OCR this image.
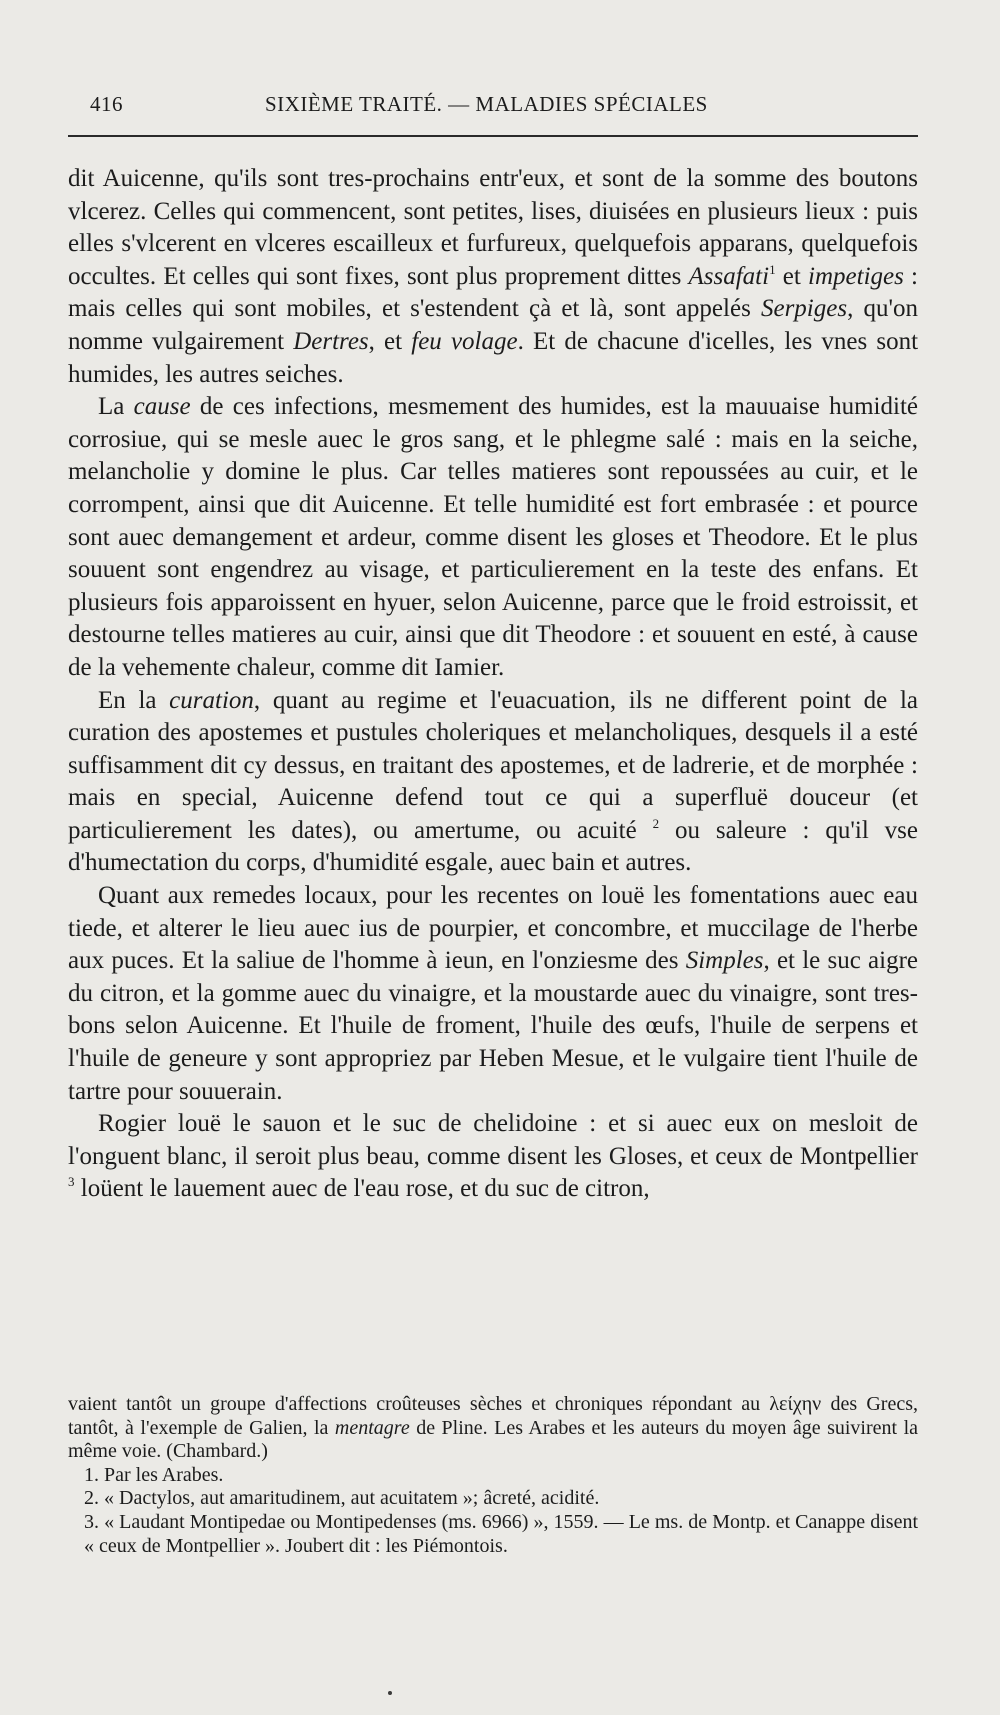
416	SIXIÈME TRAITÉ. — MALADIES SPÉCIALES

dit Auicenne, qu'ils sont tres-prochains entr'eux, et sont de la somme des boutons vlcerez. Celles qui commencent, sont petites, lises, diuisées en plusieurs lieux : puis elles s'vlcerent en vlceres escailleux et furfureux, quelquefois apparans, quelquefois occultes. Et celles qui sont fixes, sont plus proprement dittes Assafati$^1$ et impetiges : mais celles qui sont mobiles, et s'estendent çà et là, sont appelés Serpiges, qu'on nomme vulgairement Dertres, et feu volage. Et de chacune d'icelles, les vnes sont humides, les autres seiches.

La cause de ces infections, mesmement des humides, est la mauuaise humidité corrosiue, qui se mesle auec le gros sang, et le phlegme salé : mais en la seiche, melancholie y domine le plus. Car telles matieres sont repoussées au cuir, et le corrompent, ainsi que dit Auicenne. Et telle humidité est fort embrasée : et pource sont auec demangement et ardeur, comme disent les gloses et Theodore. Et le plus souuent sont engendrez au visage, et particulierement en la teste des enfans. Et plusieurs fois apparoissent en hyuer, selon Auicenne, parce que le froid estroissit, et destourne telles matieres au cuir, ainsi que dit Theodore : et souuent en esté, à cause de la vehemente chaleur, comme dit Iamier.

En la curation, quant au regime et l'euacuation, ils ne different point de la curation des apostemes et pustules choleriques et melancholiques, desquels il a esté suffisamment dit cy dessus, en traitant des apostemes, et de ladrerie, et de morphée : mais en special, Auicenne defend tout ce qui a superfluë douceur (et particulierement les dates), ou amertume, ou acuité $^2$ ou saleure : qu'il vse d'humectation du corps, d'humidité esgale, auec bain et autres.

Quant aux remedes locaux, pour les recentes on louë les fomentations auec eau tiede, et alterer le lieu auec ius de pourpier, et concombre, et muccilage de l'herbe aux puces. Et la saliue de l'homme à ieun, en l'onziesme des Simples, et le suc aigre du citron, et la gomme auec du vinaigre, et la moustarde auec du vinaigre, sont tres-bons selon Auicenne. Et l'huile de froment, l'huile des œufs, l'huile de serpens et l'huile de geneure y sont appropriez par Heben Mesue, et le vulgaire tient l'huile de tartre pour souuerain.

Rogier louë le sauon et le suc de chelidoine : et si auec eux on mesloit de l'onguent blanc, il seroit plus beau, comme disent les Gloses, et ceux de Montpellier $^3$ loüent le lauement auec de l'eau rose, et du suc de citron,

vaient tantôt un groupe d'affections croûteuses sèches et chroniques répondant au λείχην des Grecs, tantôt, à l'exemple de Galien, la mentagre de Pline. Les Arabes et les auteurs du moyen âge suivirent la même voie. (Chambard.)

1. Par les Arabes.

2. « Dactylos, aut amaritudinem, aut acuitatem »; âcreté, acidité.

3. « Laudant Montipedae ou Montipedenses (ms. 6966) », 1559. — Le ms. de Montp. et Canappe disent « ceux de Montpellier ». Joubert dit : les Piémontois.
